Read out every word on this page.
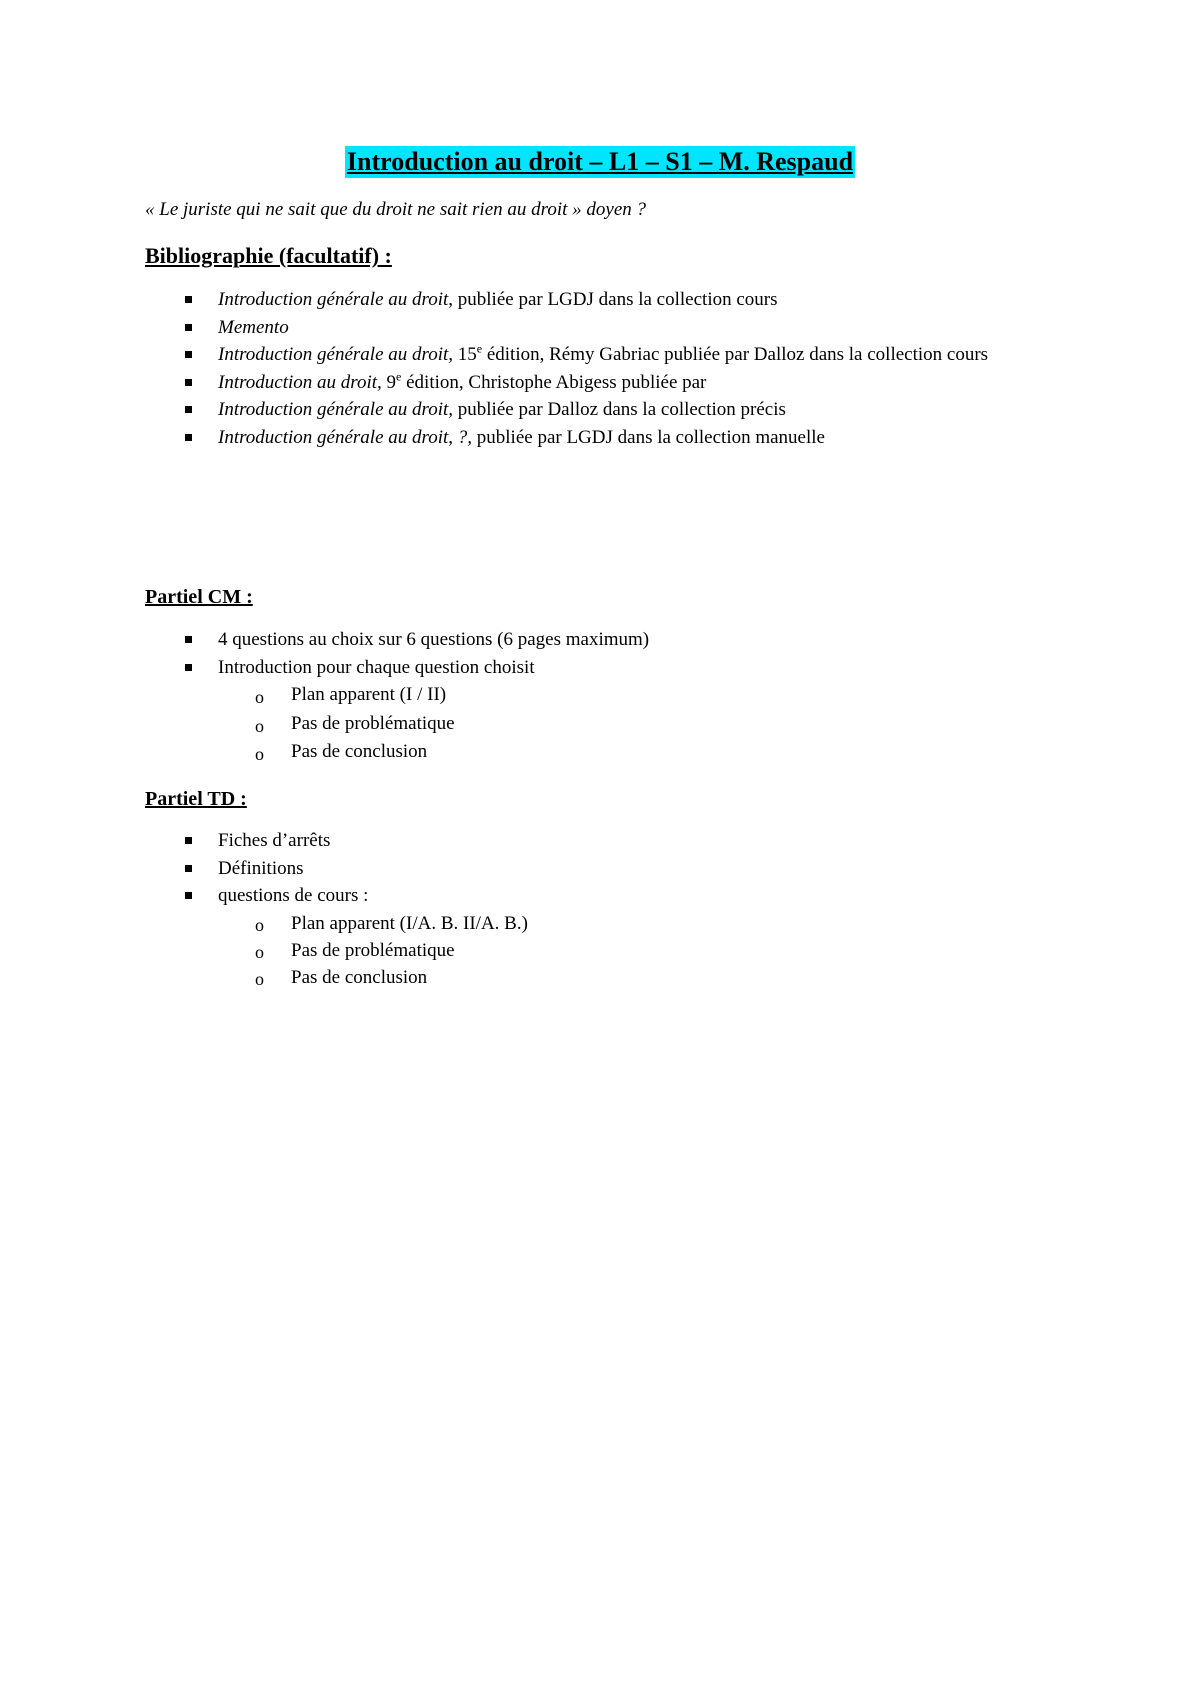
Introduction au droit – L1 – S1 – M. Respaud
« Le juriste qui ne sait que du droit ne sait rien au droit » doyen ?
Bibliographie (facultatif) :
Introduction générale au droit, publiée par LGDJ dans la collection cours
Memento
Introduction générale au droit, 15e édition, Rémy Gabriac publiée par Dalloz dans la collection cours
Introduction au droit, 9e édition, Christophe Abigess publiée par
Introduction générale au droit, publiée par Dalloz dans la collection précis
Introduction générale au droit, ?, publiée par LGDJ dans la collection manuelle
Partiel CM :
4 questions au choix sur 6 questions (6 pages maximum)
Introduction pour chaque question choisit
o Plan apparent (I / II)
o Pas de problématique
o Pas de conclusion
Partiel TD :
Fiches d’arrêts
Définitions
questions de cours :
o Plan apparent (I/A. B. II/A. B.)
o Pas de problématique
o Pas de conclusion
